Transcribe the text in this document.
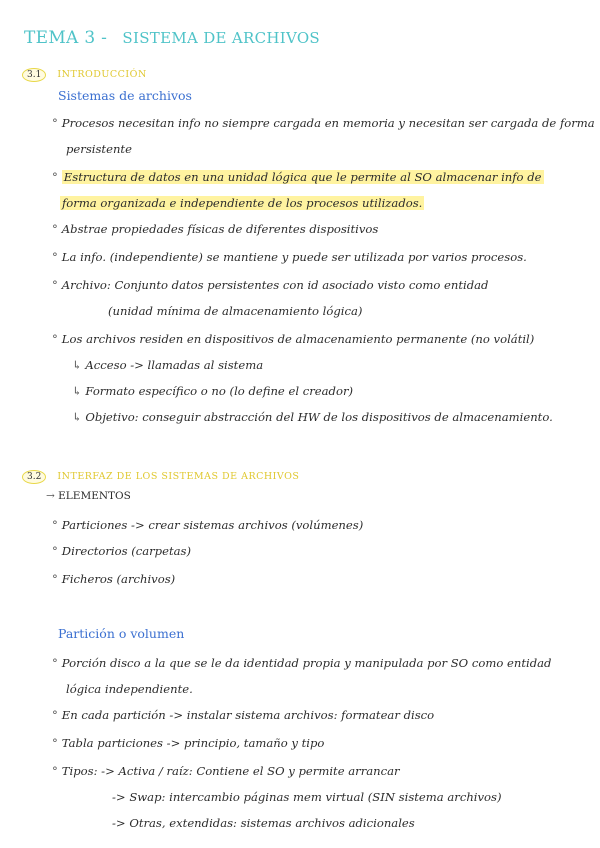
TEMA 3 - SISTEMA DE ARCHIVOS
3.1 INTRODUCCIÓN
Sistemas de archivos
° Procesos necesitan info no siempre cargada en memoria y necesitan ser cargada de forma
persistente
° Estructura de datos en una unidad lógica que le permite al SO almacenar info de
forma organizada e independiente de los procesos utilizados.
° Abstrae propiedades físicas de diferentes dispositivos
° La info. (independiente) se mantiene y puede ser utilizada por varios procesos.
° Archivo: Conjunto datos persistentes con id asociado visto como entidad
(unidad mínima de almacenamiento lógica)
° Los archivos residen en dispositivos de almacenamiento permanente (no volátil)
↳ Acceso -> llamadas al sistema
↳ Formato específico o no (lo define el creador)
↳ Objetivo: conseguir abstracción del HW de los dispositivos de almacenamiento.
3.2 INTERFAZ DE LOS SISTEMAS DE ARCHIVOS
→ ELEMENTOS
° Particiones -> crear sistemas archivos (volúmenes)
° Directorios (carpetas)
° Ficheros (archivos)
Partición o volumen
° Porción disco a la que se le da identidad propia y manipulada por SO como entidad
lógica independiente.
° En cada partición -> instalar sistema archivos: formatear disco
° Tabla particiones -> principio, tamaño y tipo
° Tipos: -> Activa / raíz: Contiene el SO y permite arrancar
-> Swap: intercambio páginas mem virtual (SIN sistema archivos)
-> Otras, extendidas: sistemas archivos adicionales
